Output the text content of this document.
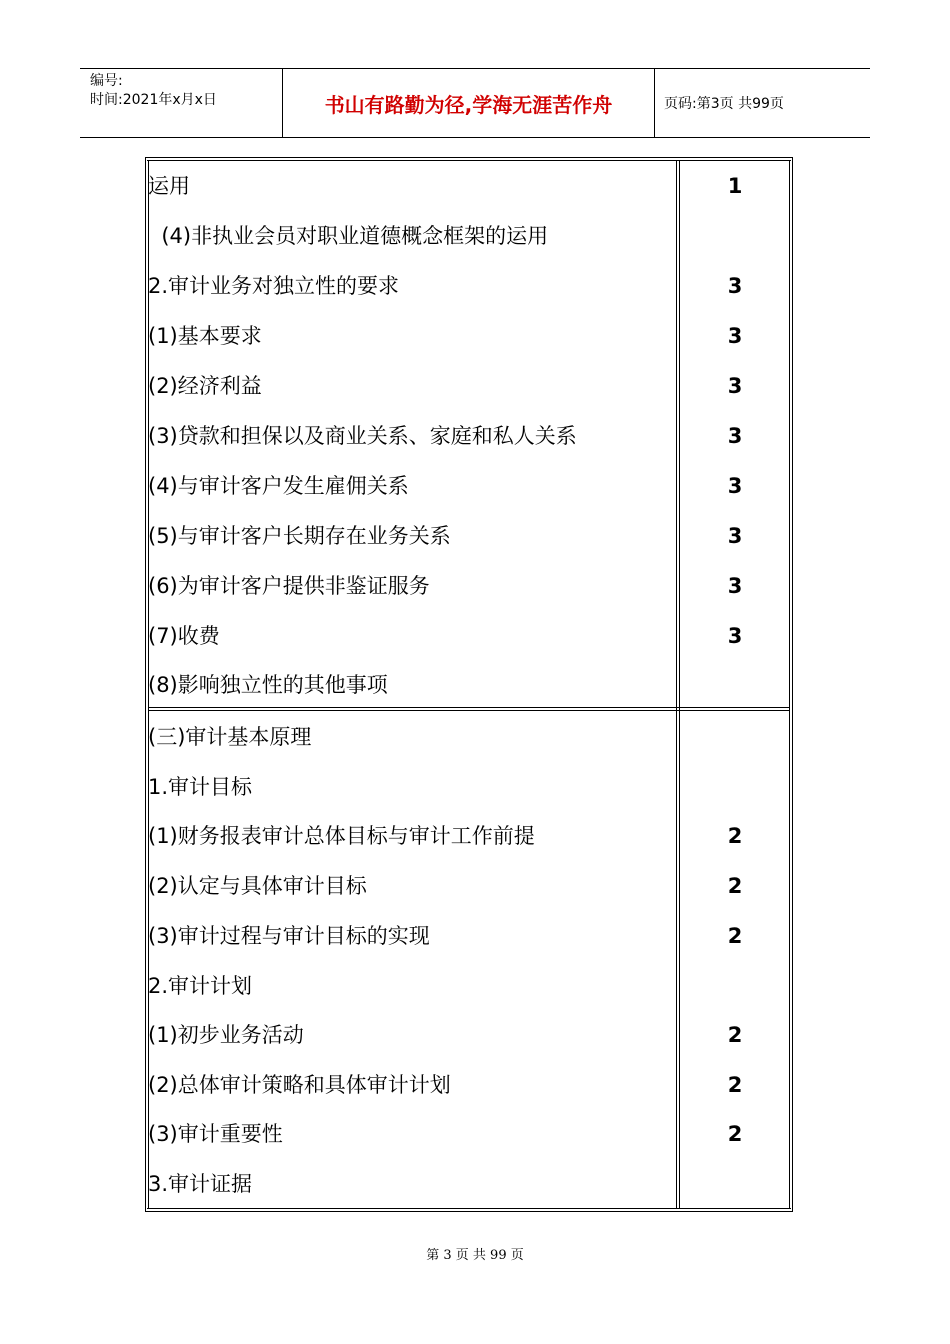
编号:
时间:2021年x月x日	书山有路勤为径,学海无涯苦作舟	页码:第3页 共99页
运用	1
(4)非执业会员对职业道德概念框架的运用
2.审计业务对独立性的要求	3
(1)基本要求	3
(2)经济利益	3
(3)贷款和担保以及商业关系、家庭和私人关系	3
(4)与审计客户发生雇佣关系	3
(5)与审计客户长期存在业务关系	3
(6)为审计客户提供非鉴证服务	3
(7)收费	3
(8)影响独立性的其他事项
(三)审计基本原理
1.审计目标
(1)财务报表审计总体目标与审计工作前提	2
(2)认定与具体审计目标	2
(3)审计过程与审计目标的实现	2
2.审计计划
(1)初步业务活动	2
(2)总体审计策略和具体审计计划	2
(3)审计重要性	2
3.审计证据
第 3 页 共 99 页
